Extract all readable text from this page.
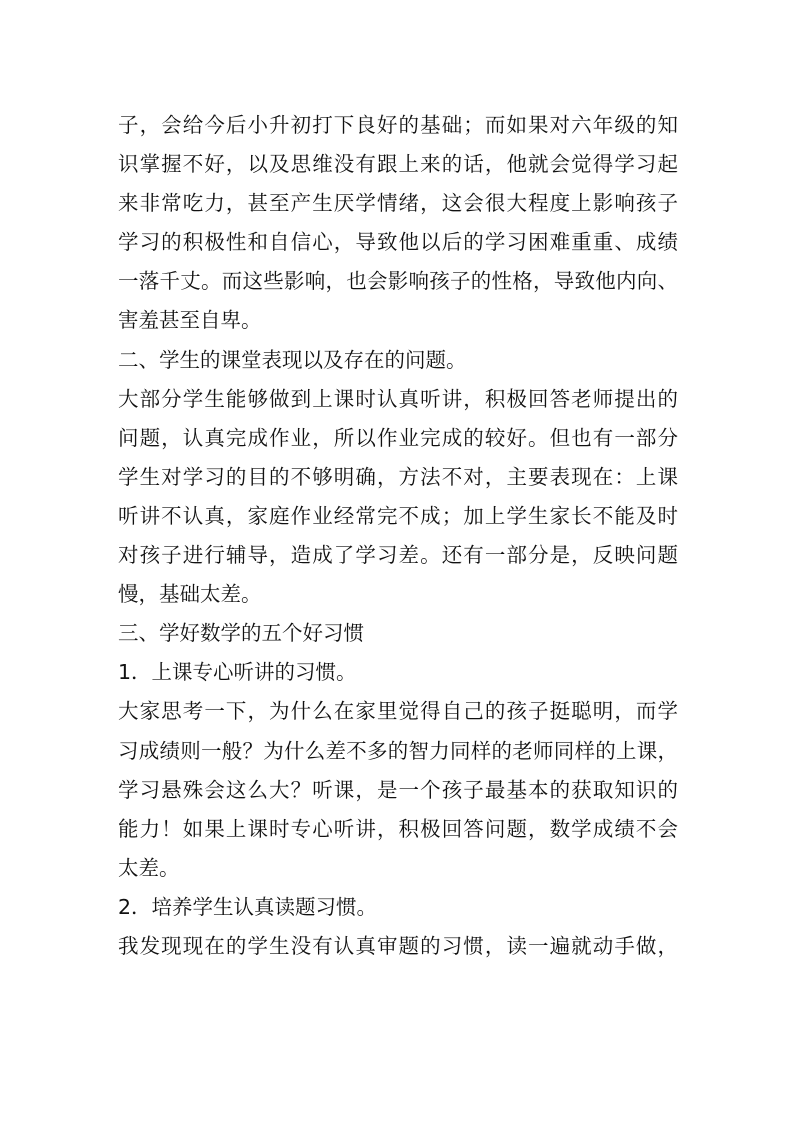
子，会给今后小升初打下良好的基础；而如果对六年级的知
识掌握不好，以及思维没有跟上来的话，他就会觉得学习起
来非常吃力，甚至产生厌学情绪，这会很大程度上影响孩子
学习的积极性和自信心，导致他以后的学习困难重重、成绩
一落千丈。而这些影响，也会影响孩子的性格，导致他内向、
害羞甚至自卑。
二、学生的课堂表现以及存在的问题。
大部分学生能够做到上课时认真听讲，积极回答老师提出的
问题，认真完成作业，所以作业完成的较好。但也有一部分
学生对学习的目的不够明确，方法不对，主要表现在：上课
听讲不认真，家庭作业经常完不成；加上学生家长不能及时
对孩子进行辅导，造成了学习差。还有一部分是，反映问题
慢，基础太差。
三、学好数学的五个好习惯
1．上课专心听讲的习惯。
大家思考一下，为什么在家里觉得自己的孩子挺聪明，而学
习成绩则一般？为什么差不多的智力同样的老师同样的上课，
学习悬殊会这么大？听课，是一个孩子最基本的获取知识的
能力！如果上课时专心听讲，积极回答问题，数学成绩不会
太差。
2．培养学生认真读题习惯。
我发现现在的学生没有认真审题的习惯，读一遍就动手做，
